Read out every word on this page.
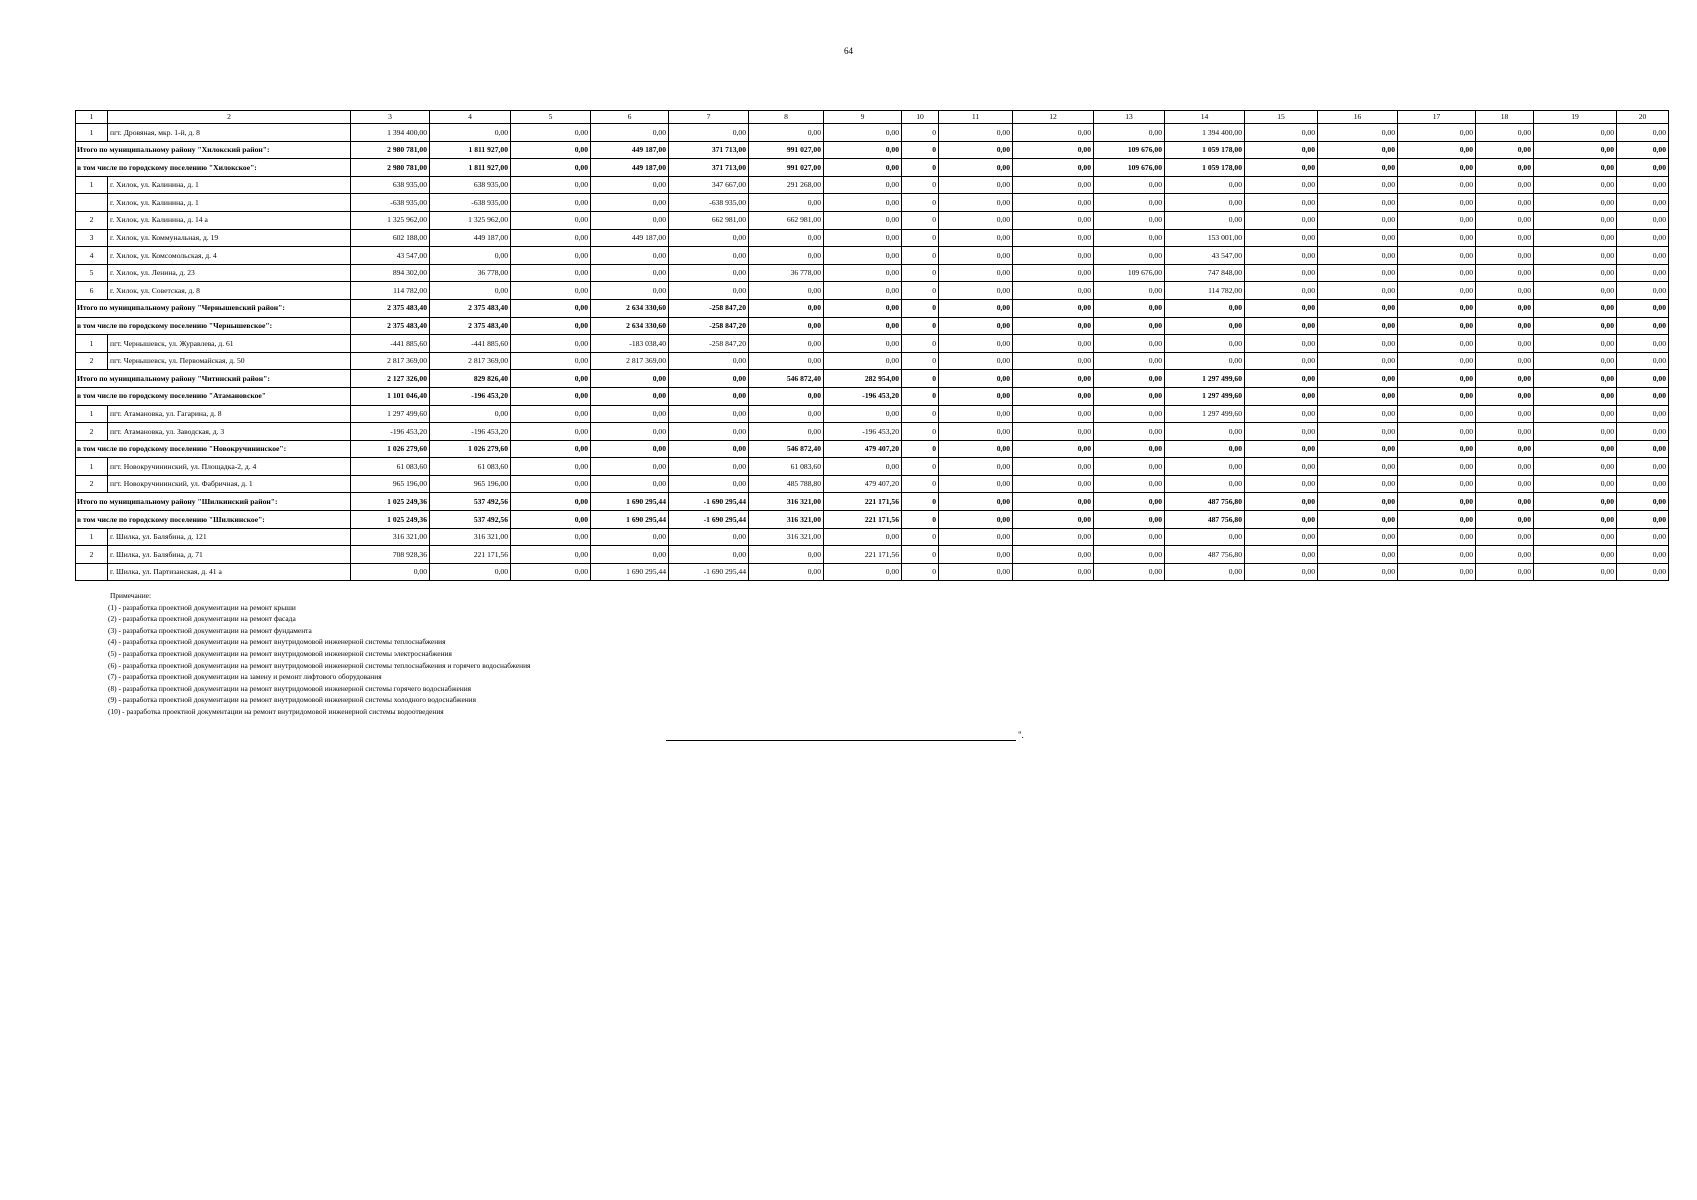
64
1	2	3	4	5	6	7	8	9	10	11	12	13	14	15	16	17	18	19	20
1	пгт. Дровяная, мкр. 1-й, д. 8	1 394 400,00	0,00	0,00	0,00	0,00	0,00	0,00	0	0,00	0,00	0,00	1 394 400,00	0,00	0,00	0,00	0,00	0,00	0,00
Итого по муниципальному району "Хилокский район":		2 980 781,00	1 811 927,00	0,00	449 187,00	371 713,00	991 027,00	0,00	0	0,00	0,00	109 676,00	1 059 178,00	0,00	0,00	0,00	0,00	0,00	0,00
в том числе по городскому поселению "Хилокское":		2 980 781,00	1 811 927,00	0,00	449 187,00	371 713,00	991 027,00	0,00	0	0,00	0,00	109 676,00	1 059 178,00	0,00	0,00	0,00	0,00	0,00	0,00
1	г. Хилок, ул. Калинина, д. 1	638 935,00	638 935,00	0,00	0,00	347 667,00	291 268,00	0,00	0	0,00	0,00	0,00	0,00	0,00	0,00	0,00	0,00	0,00	0,00
	г. Хилок, ул. Калинина, д. 1	-638 935,00	-638 935,00	0,00	0,00	-638 935,00	0,00	0,00	0	0,00	0,00	0,00	0,00	0,00	0,00	0,00	0,00	0,00	0,00
2	г. Хилок, ул. Калинина, д. 14 а	1 325 962,00	1 325 962,00	0,00	0,00	662 981,00	662 981,00	0,00	0	0,00	0,00	0,00	0,00	0,00	0,00	0,00	0,00	0,00	0,00
3	г. Хилок, ул. Коммунальная, д. 19	602 188,00	449 187,00	0,00	449 187,00	0,00	0,00	0,00	0	0,00	0,00	0,00	153 001,00	0,00	0,00	0,00	0,00	0,00	0,00
4	г. Хилок, ул. Комсомольская, д. 4	43 547,00	0,00	0,00	0,00	0,00	0,00	0,00	0	0,00	0,00	0,00	43 547,00	0,00	0,00	0,00	0,00	0,00	0,00
5	г. Хилок, ул. Ленина, д. 23	894 302,00	36 778,00	0,00	0,00	0,00	36 778,00	0,00	0	0,00	0,00	109 676,00	747 848,00	0,00	0,00	0,00	0,00	0,00	0,00
6	г. Хилок, ул. Советская, д. 8	114 782,00	0,00	0,00	0,00	0,00	0,00	0,00	0	0,00	0,00	0,00	114 782,00	0,00	0,00	0,00	0,00	0,00	0,00
Итого по муниципальному району "Чернышевский район":		2 375 483,40	2 375 483,40	0,00	2 634 330,60	-258 847,20	0,00	0,00	0	0,00	0,00	0,00	0,00	0,00	0,00	0,00	0,00	0,00	0,00
в том числе по городскому поселению "Чернышевское":		2 375 483,40	2 375 483,40	0,00	2 634 330,60	-258 847,20	0,00	0,00	0	0,00	0,00	0,00	0,00	0,00	0,00	0,00	0,00	0,00	0,00
1	пгт. Чернышевск, ул. Журавлева, д. 61	-441 885,60	-441 885,60	0,00	-183 038,40	-258 847,20	0,00	0,00	0	0,00	0,00	0,00	0,00	0,00	0,00	0,00	0,00	0,00	0,00
2	пгт. Чернышевск, ул. Первомайская, д. 50	2 817 369,00	2 817 369,00	0,00	2 817 369,00	0,00	0,00	0,00	0	0,00	0,00	0,00	0,00	0,00	0,00	0,00	0,00	0,00	0,00
Итого по муниципальному району "Читинский район":		2 127 326,00	829 826,40	0,00	0,00	0,00	546 872,40	282 954,00	0	0,00	0,00	0,00	1 297 499,60	0,00	0,00	0,00	0,00	0,00	0,00
в том числе по городскому поселению "Атамановское"		1 101 046,40	-196 453,20	0,00	0,00	0,00	0,00	-196 453,20	0	0,00	0,00	0,00	1 297 499,60	0,00	0,00	0,00	0,00	0,00	0,00
1	пгт. Атамановка, ул. Гагарина, д. 8	1 297 499,60	0,00	0,00	0,00	0,00	0,00	0,00	0	0,00	0,00	0,00	1 297 499,60	0,00	0,00	0,00	0,00	0,00	0,00
2	пгт. Атамановка, ул. Заводская, д. 3	-196 453,20	-196 453,20	0,00	0,00	0,00	0,00	-196 453,20	0	0,00	0,00	0,00	0,00	0,00	0,00	0,00	0,00	0,00	0,00
в том числе по городскому поселению "Новокручининское":		1 026 279,60	1 026 279,60	0,00	0,00	0,00	546 872,40	479 407,20	0	0,00	0,00	0,00	0,00	0,00	0,00	0,00	0,00	0,00	0,00
1	пгт. Новокручининский, ул. Площадка-2, д. 4	61 083,60	61 083,60	0,00	0,00	0,00	61 083,60	0,00	0	0,00	0,00	0,00	0,00	0,00	0,00	0,00	0,00	0,00	0,00
2	пгт. Новокручининский, ул. Фабричная, д. 1	965 196,00	965 196,00	0,00	0,00	0,00	485 788,80	479 407,20	0	0,00	0,00	0,00	0,00	0,00	0,00	0,00	0,00	0,00	0,00
Итого по муниципальному району "Шилкинский район":		1 025 249,36	537 492,56	0,00	1 690 295,44	-1 690 295,44	316 321,00	221 171,56	0	0,00	0,00	0,00	487 756,80	0,00	0,00	0,00	0,00	0,00	0,00
в том числе по городскому поселению "Шилкинское":		1 025 249,36	537 492,56	0,00	1 690 295,44	-1 690 295,44	316 321,00	221 171,56	0	0,00	0,00	0,00	487 756,80	0,00	0,00	0,00	0,00	0,00	0,00
1	г. Шилка, ул. Балябина, д. 121	316 321,00	316 321,00	0,00	0,00	0,00	316 321,00	0,00	0	0,00	0,00	0,00	0,00	0,00	0,00	0,00	0,00	0,00	0,00
2	г. Шилка, ул. Балябина, д. 71	708 928,36	221 171,56	0,00	0,00	0,00	0,00	221 171,56	0	0,00	0,00	0,00	487 756,80	0,00	0,00	0,00	0,00	0,00	0,00
	г. Шилка, ул. Партизанская, д. 41 а	0,00	0,00	0,00	1 690 295,44	-1 690 295,44	0,00	0,00	0	0,00	0,00	0,00	0,00	0,00	0,00	0,00	0,00	0,00	0,00
Примечание:
(1) - разработка проектной документации на ремонт крыши
(2) - разработка проектной документации на ремонт фасада
(3) - разработка проектной документации на ремонт фундамента
(4) - разработка проектной документации на ремонт внутридомовой инженерной системы теплоснабжения
(5) - разработка проектной документации на ремонт внутридомовой инженерной системы электроснабжения
(6) - разработка проектной документации на ремонт внутридомовой инженерной системы теплоснабжения и горячего водоснабжения
(7) - разработка проектной документации на замену и ремонт лифтового оборудования
(8) - разработка проектной документации на ремонт внутридомовой инженерной системы горячего водоснабжения
(9) - разработка проектной документации на ремонт внутридомовой инженерной системы холодного водоснабжения
(10) - разработка проектной документации на ремонт внутридомовой инженерной системы водоотведения
".
